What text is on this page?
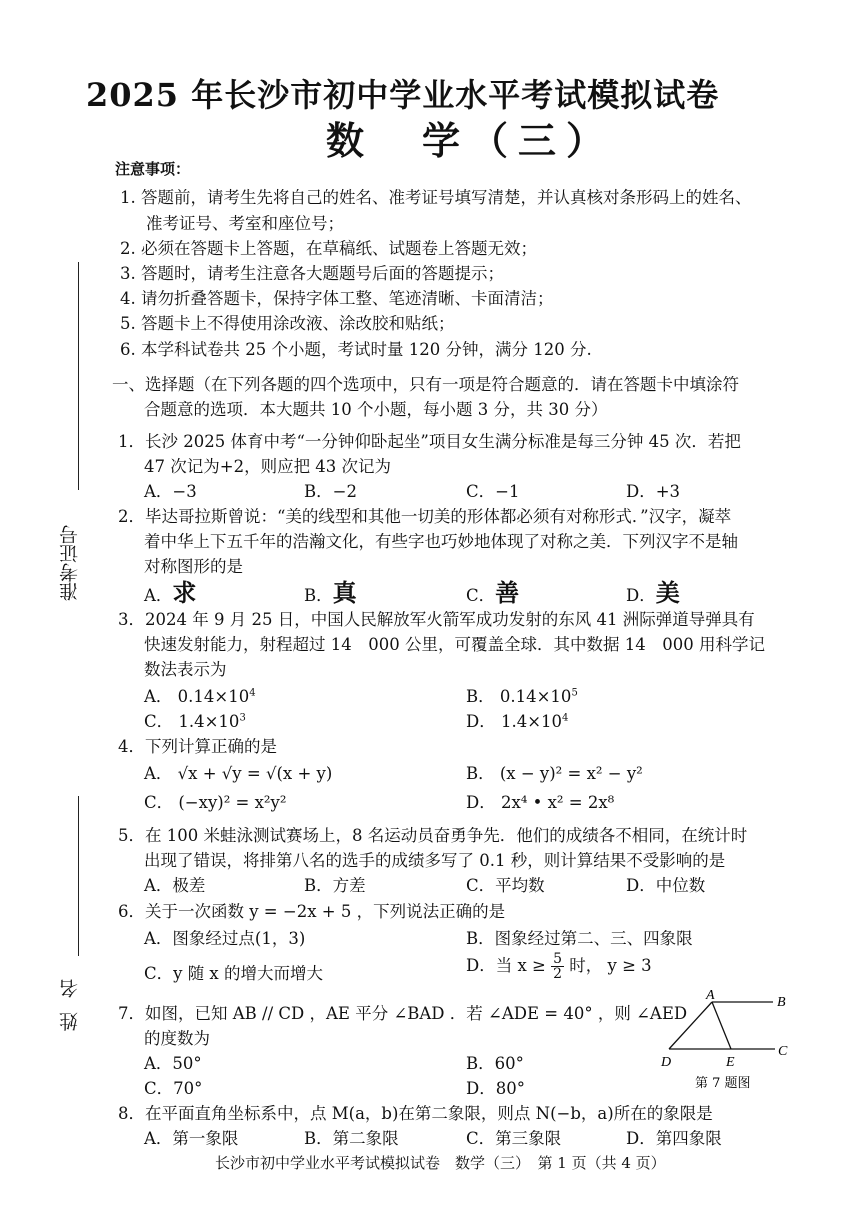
2025 年长沙市初中学业水平考试模拟试卷
数　学（三）
准考证号
姓名
注意事项：
1. 答题前，请考生先将自己的姓名、准考证号填写清楚，并认真核对条形码上的姓名、
准考证号、考室和座位号；
2. 必须在答题卡上答题，在草稿纸、试题卷上答题无效；
3. 答题时，请考生注意各大题题号后面的答题提示；
4. 请勿折叠答题卡，保持字体工整、笔迹清晰、卡面清洁；
5. 答题卡上不得使用涂改液、涂改胶和贴纸；
6. 本学科试卷共 25 个小题，考试时量 120 分钟，满分 120 分.
一、选择题（在下列各题的四个选项中，只有一项是符合题意的．请在答题卡中填涂符
合题意的选项．本大题共 10 个小题，每小题 3 分，共 30 分）
1．长沙 2025 体育中考“一分钟仰卧起坐”项目女生满分标准是每三分钟 45 次．若把
47 次记为+2，则应把 43 次记为
A．−3	B．−2	C．−1	D．+3
2．毕达哥拉斯曾说：“美的线型和其他一切美的形体都必须有对称形式．”汉字，凝萃
着中华上下五千年的浩瀚文化，有些字也巧妙地体现了对称之美．下列汉字不是轴
对称图形的是
A．求	B．真	C．善	D．美
3．2024 年 9 月 25 日，中国人民解放军火箭军成功发射的东风 41 洲际弹道导弹具有
快速发射能力，射程超过 14　000 公里，可覆盖全球．其中数据 14　000 用科学记
数法表示为
A． $0.14\times 10^4$	B． $0.14\times 10^5$
C． $1.4\times 10^3$	D． $1.4\times 10^4$
4．下列计算正确的是
A． √x + √y = √(x + y)	B． (x − y)² = x² − y²
C． (−xy)² = x²y²	D． 2x⁴ • x² = 2x⁸
5．在 100 米蛙泳测试赛场上，8 名运动员奋勇争先．他们的成绩各不相同，在统计时
出现了错误，将排第八名的选手的成绩多写了 0.1 秒，则计算结果不受影响的是
A．极差	B．方差	C．平均数	D．中位数
6．关于一次函数 y = −2x + 5 ，下列说法正确的是
A．图象经过点(1，3)	B．图象经过第二、三、四象限
C．y 随 x 的增大而增大	D．当 $x \ge \frac{5}{2}$ 时， y ≥ 3
7．如图，已知 AB // CD ，AE 平分 ∠BAD ．若 ∠ADE = 40° ，则 ∠AED
的度数为
A．50°	B．60°
C．70°	D．80°
A	B
C
D	E
第 7 题图
8．在平面直角坐标系中，点 M(a，b)在第二象限，则点 N(−b，a)所在的象限是
A．第一象限	B．第二象限	C．第三象限	D．第四象限
长沙市初中学业水平考试模拟试卷　数学（三）　第 1 页（共 4 页）
